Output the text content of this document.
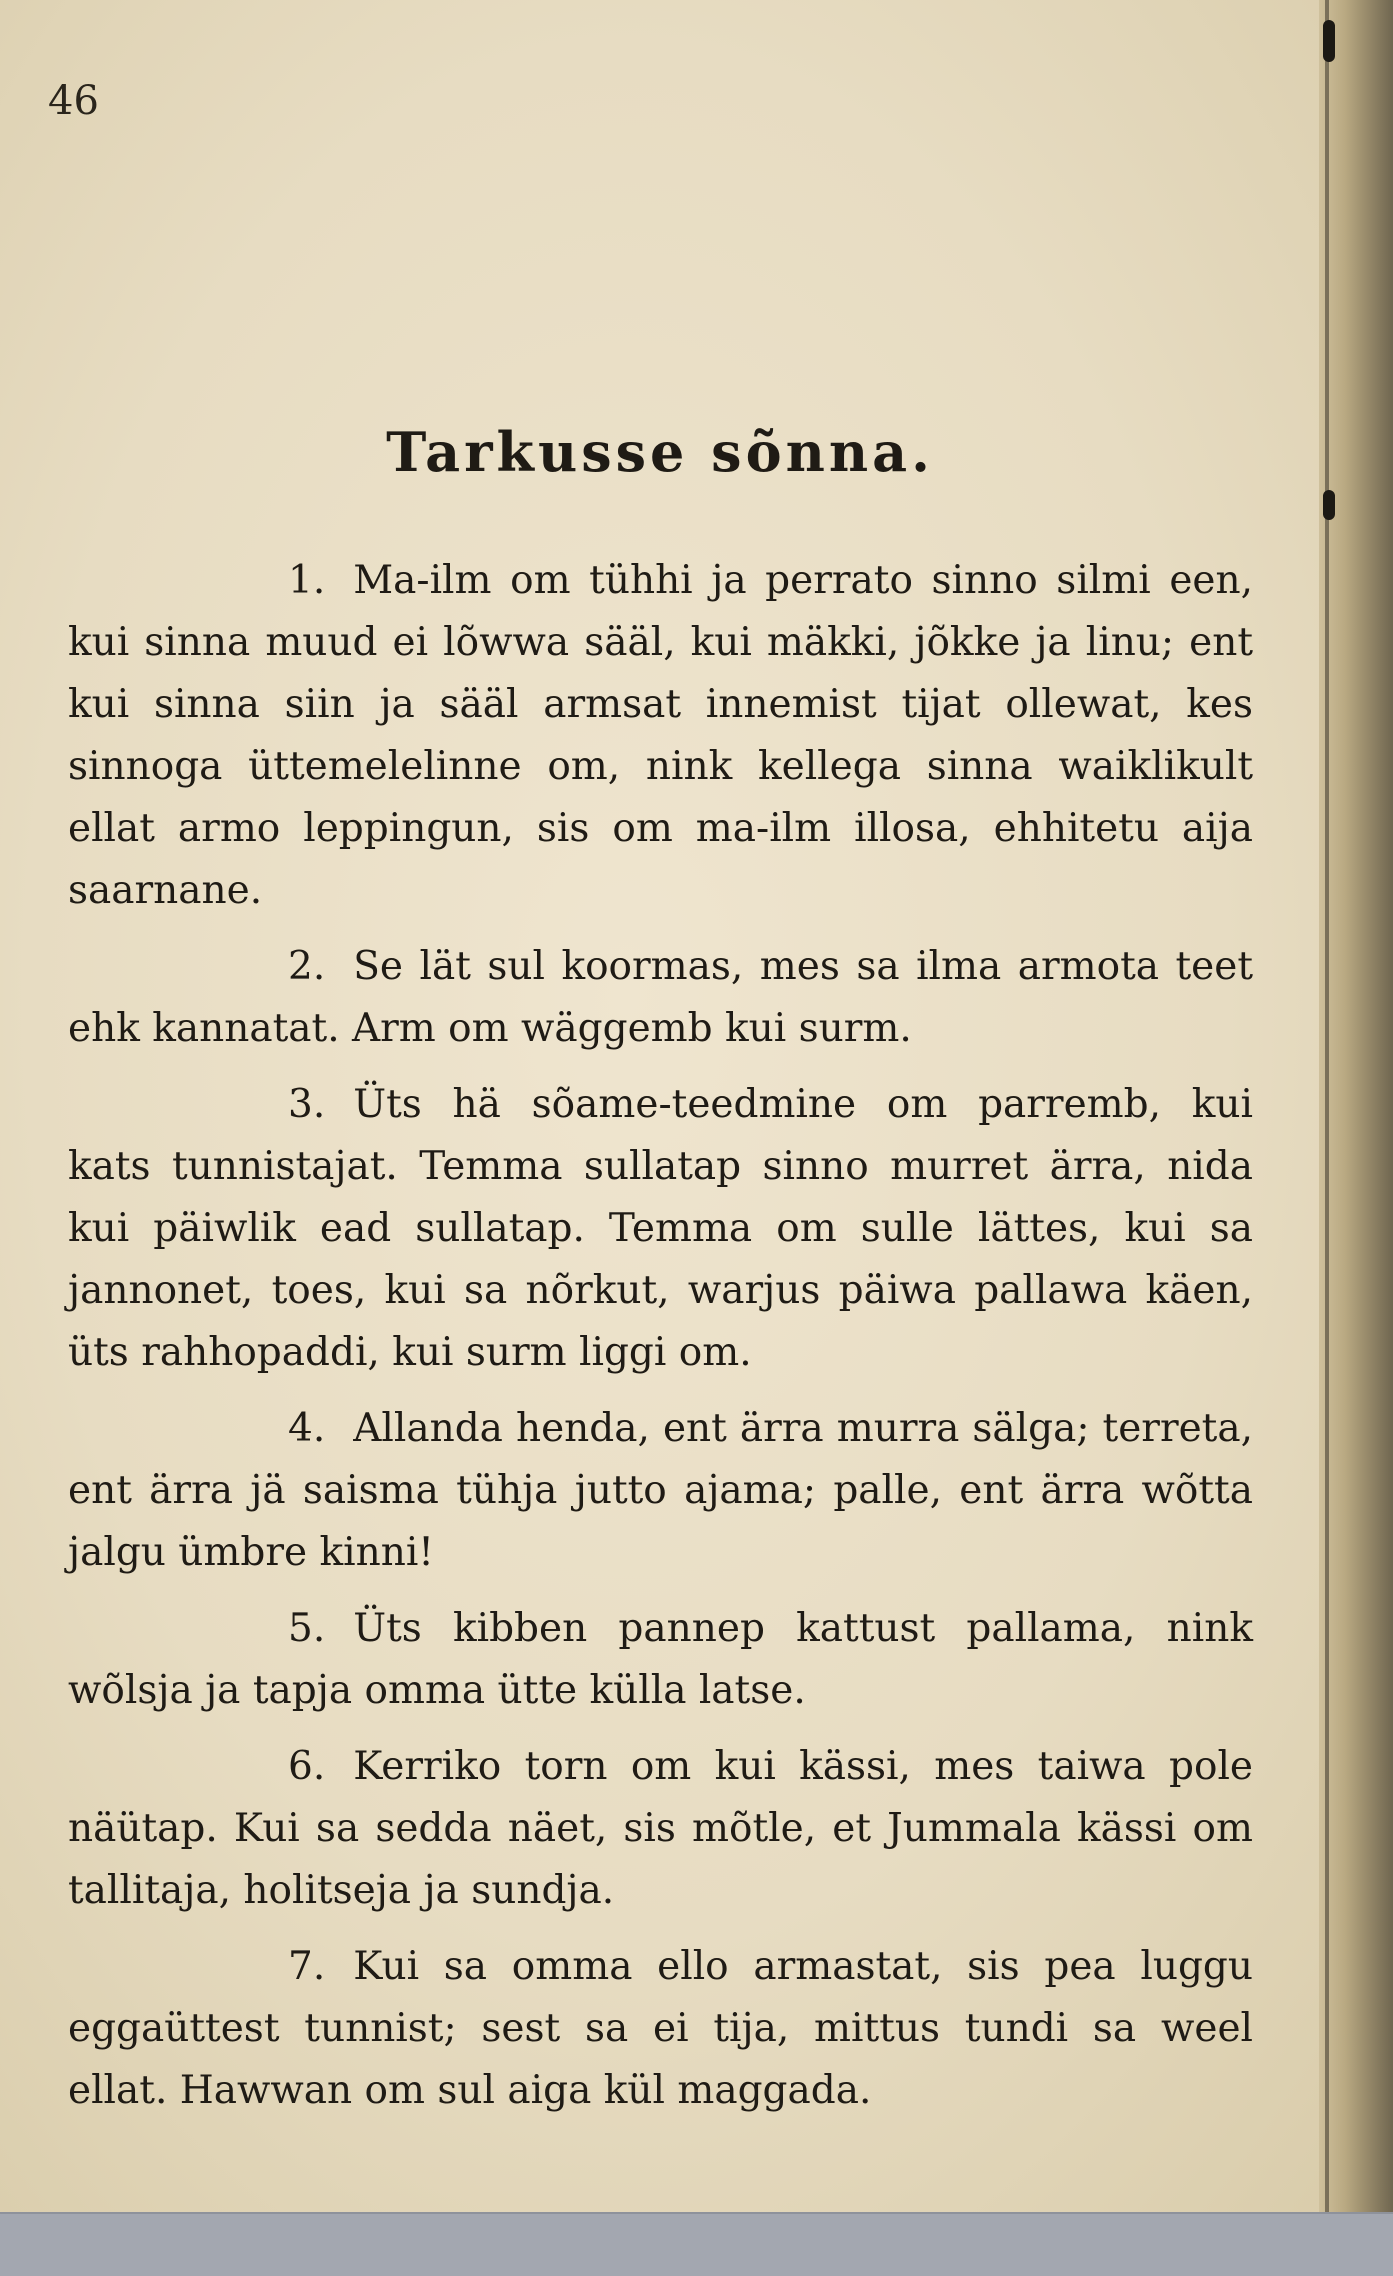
46
Tarkusse sõnna.

1. Ma-ilm om tühhi ja perrato sinno silmi een, kui sinna muud ei lõwwa sääl, kui mäkki, jõkke ja linu; ent kui sinna siin ja sääl armsat innemist tijat ollewat, kes sinnoga üttemelelinne om, nink kellega sinna waiklikult ellat armo leppingun, sis om ma-ilm illosa, ehhitetu aija saarnane.

2. Se lät sul koormas, mes sa ilma armota teet ehk kannatat. Arm om wäggemb kui surm.

3. Üts hä sõame-teedmine om parremb, kui kats tunnistajat. Temma sullatap sinno murret ärra, nida kui päiwlik ead sullatap. Temma om sulle lättes, kui sa jannonet, toes, kui sa nõrkut, warjus päiwa pallawa käen, üts rahhopaddi, kui surm liggi om.

4. Allanda henda, ent ärra murra sälga; terreta, ent ärra jä saisma tühja jutto ajama; palle, ent ärra wõtta jalgu ümbre kinni!

5. Üts kibben pannep kattust pallama, nink wõlsja ja tapja omma ütte külla latse.

6. Kerriko torn om kui kässi, mes taiwa pole näütap. Kui sa sedda näet, sis mõtle, et Jummala kässi om tallitaja, holitseja ja sundja.

7. Kui sa omma ello armastat, sis pea luggu eggaüttest tunnist; sest sa ei tija, mittus tundi sa weel ellat. Hawwan om sul aiga kül maggada.
